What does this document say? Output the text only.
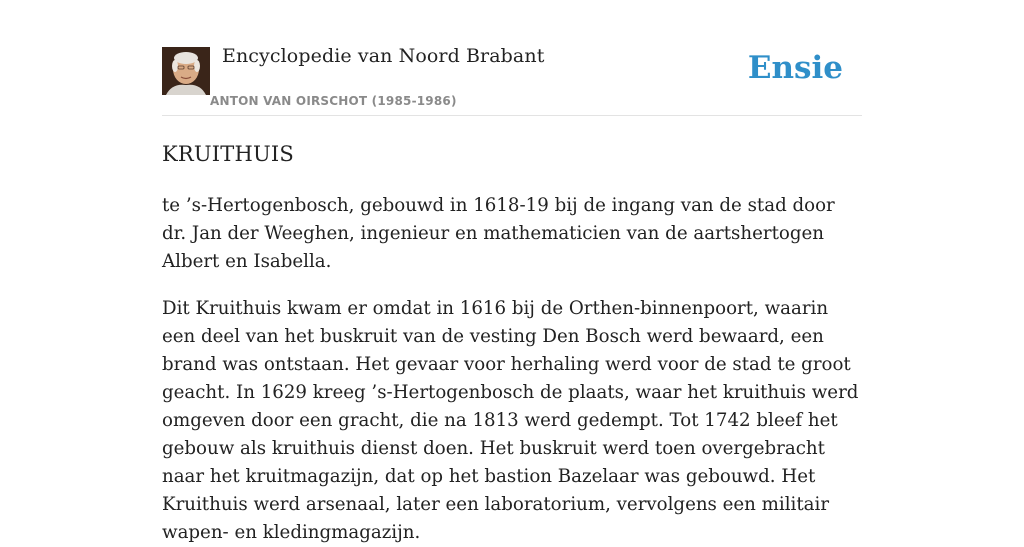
Encyclopedie van Noord Brabant
ANTON VAN OIRSCHOT (1985-1986)
Ensie
KRUITHUIS

te ’s-Hertogenbosch, gebouwd in 1618-19 bij de ingang van de stad door dr. Jan der Weeghen, ingenieur en mathematicien van de aartshertogen Albert en Isabella.

Dit Kruithuis kwam er omdat in 1616 bij de Orthen-binnenpoort, waarin een deel van het buskruit van de vesting Den Bosch werd bewaard, een brand was ontstaan. Het gevaar voor herhaling werd voor de stad te groot geacht. In 1629 kreeg ’s-Hertogenbosch de plaats, waar het kruithuis werd omgeven door een gracht, die na 1813 werd gedempt. Tot 1742 bleef het gebouw als kruithuis dienst doen. Het buskruit werd toen overgebracht naar het kruitmagazijn, dat op het bastion Bazelaar was gebouwd. Het Kruithuis werd arsenaal, later een laboratorium, vervolgens een militair wapen- en kledingmagazijn.
